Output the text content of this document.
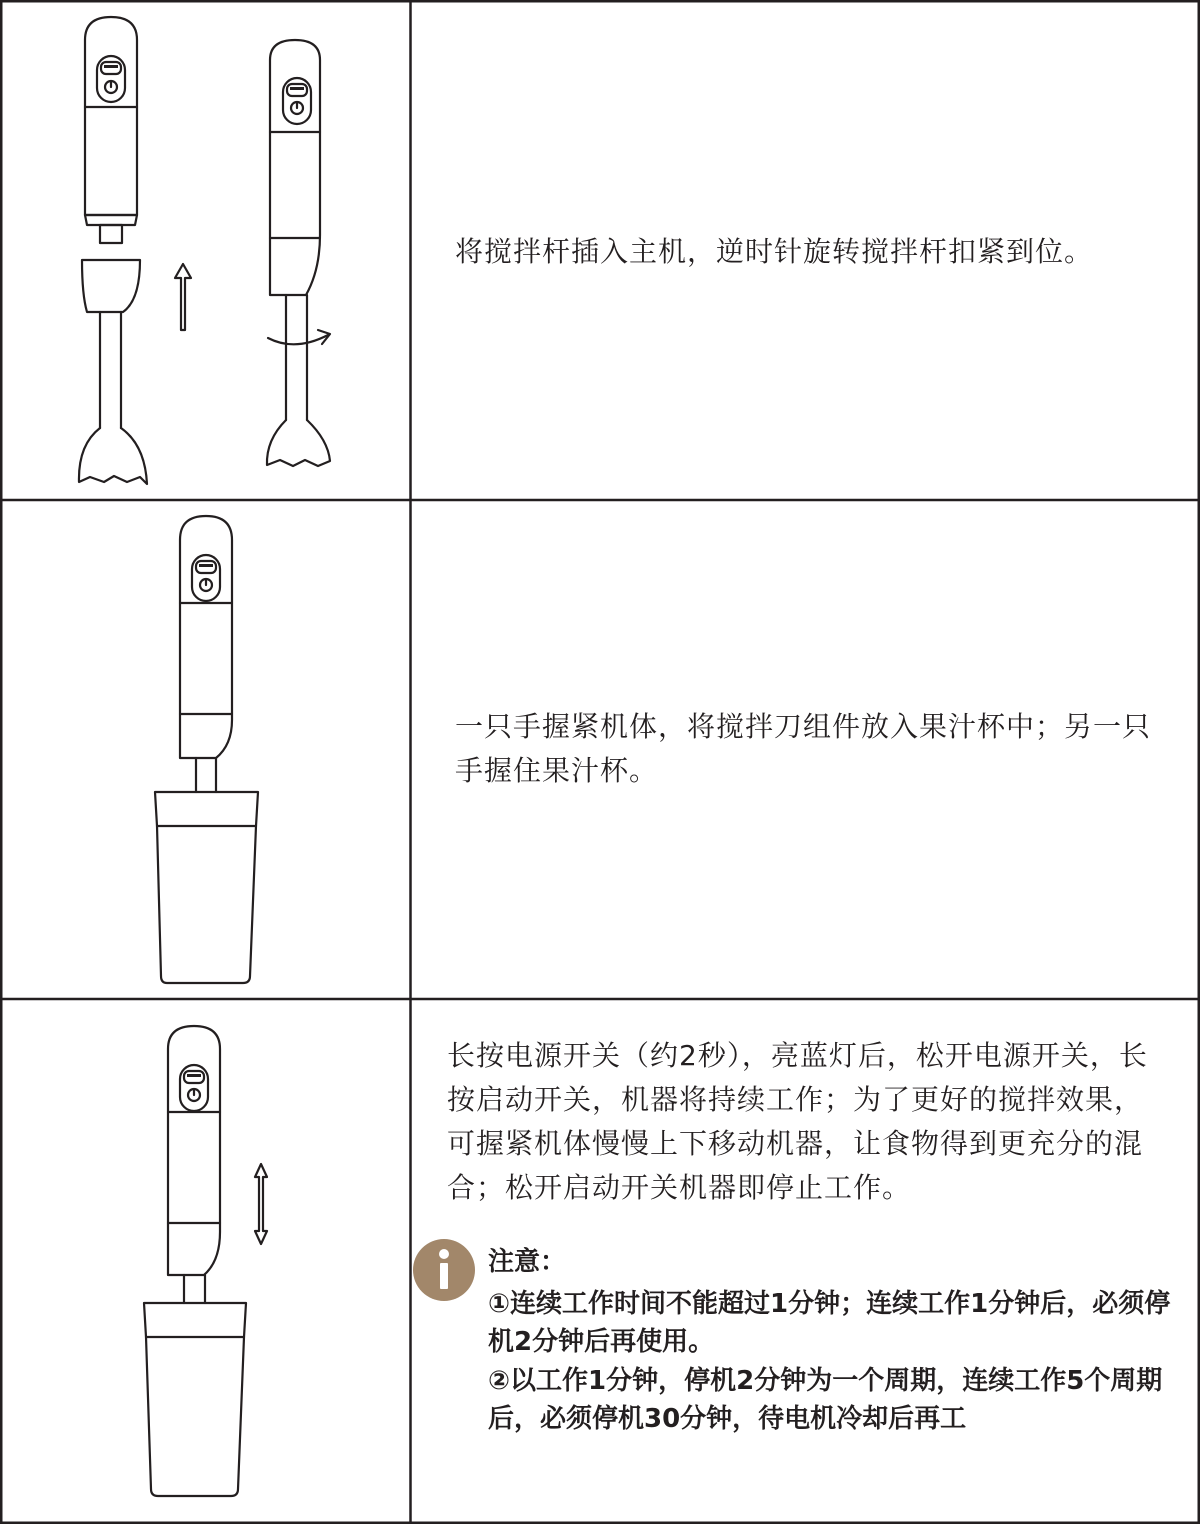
将搅拌杆插入主机，逆时针旋转搅拌杆扣紧到位。

一只手握紧机体，将搅拌刀组件放入果汁杯中；另一只手握住果汁杯。

长按电源开关（约2秒），亮蓝灯后，松开电源开关，长按启动开关，机器将持续工作；为了更好的搅拌效果，可握紧机体慢慢上下移动机器，让食物得到更充分的混合；松开启动开关机器即停止工作。

注意：

①连续工作时间不能超过1分钟；连续工作1分钟后，必须停机2分钟后再使用。

②以工作1分钟，停机2分钟为一个周期，连续工作5个周期后，必须停机30分钟，待电机冷却后再工
